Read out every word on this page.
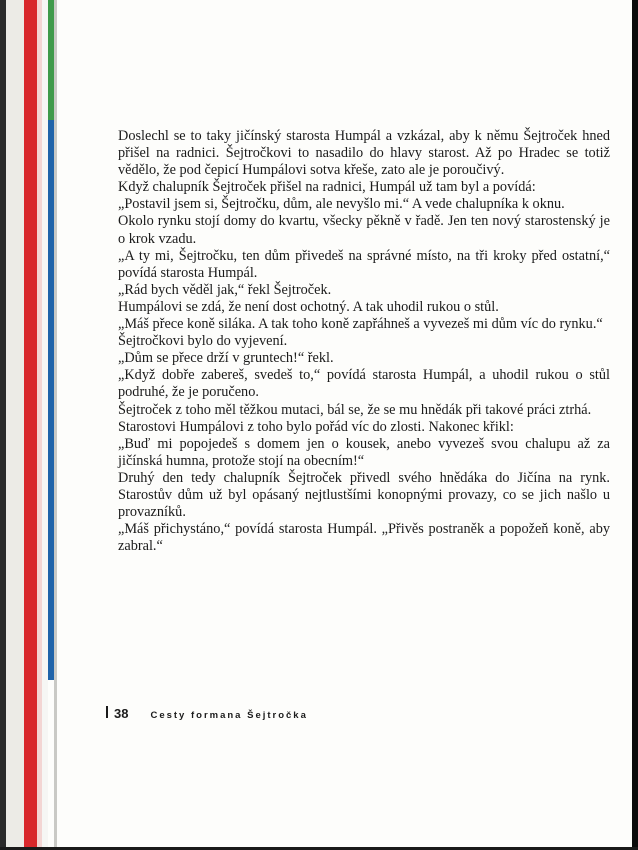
Doslechl se to taky jičínský starosta Humpál a vzkázal, aby k němu Šejtroček hned přišel na radnici. Šejtročkovi to nasadilo do hlavy starost. Až po Hradec se totiž vědělo, že pod čepicí Humpálovi sotva křeše, zato ale je poroučivý.

Když chalupník Šejtroček přišel na radnici, Humpál už tam byl a povídá:

„Postavil jsem si, Šejtročku, dům, ale nevyšlo mi.“ A vede chalupníka k oknu.

Okolo rynku stojí domy do kvartu, všecky pěkně v řadě. Jen ten nový starostenský je o krok vzadu.

„A ty mi, Šejtročku, ten dům přivedeš na správné místo, na tři kroky před ostatní,“ povídá starosta Humpál.

„Rád bych věděl jak,“ řekl Šejtroček.

Humpálovi se zdá, že není dost ochotný. A tak uhodil rukou o stůl.

„Máš přece koně siláka. A tak toho koně zapřáhneš a vyvezeš mi dům víc do rynku.“

Šejtročkovi bylo do vyjevení.

„Dům se přece drží v gruntech!“ řekl.

„Když dobře zabereš, svedeš to,“ povídá starosta Humpál, a uhodil rukou o stůl podruhé, že je poručeno.

Šejtroček z toho měl těžkou mutaci, bál se, že se mu hnědák při takové práci ztrhá.

Starostovi Humpálovi z toho bylo pořád víc do zlosti. Nakonec křikl:

„Buď mi popojedeš s domem jen o kousek, anebo vyvezeš svou chalupu až za jičínská humna, protože stojí na obecním!“

Druhý den tedy chalupník Šejtroček přivedl svého hnědáka do Jičína na rynk. Starostův dům už byl opásaný nejtlustšími konopnými provazy, co se jich našlo u provazníků.

„Máš přichystáno,“ povídá starosta Humpál. „Přivěs postraněk a popožeň koně, aby zabral.“

38 Cesty formana Šejtročka
